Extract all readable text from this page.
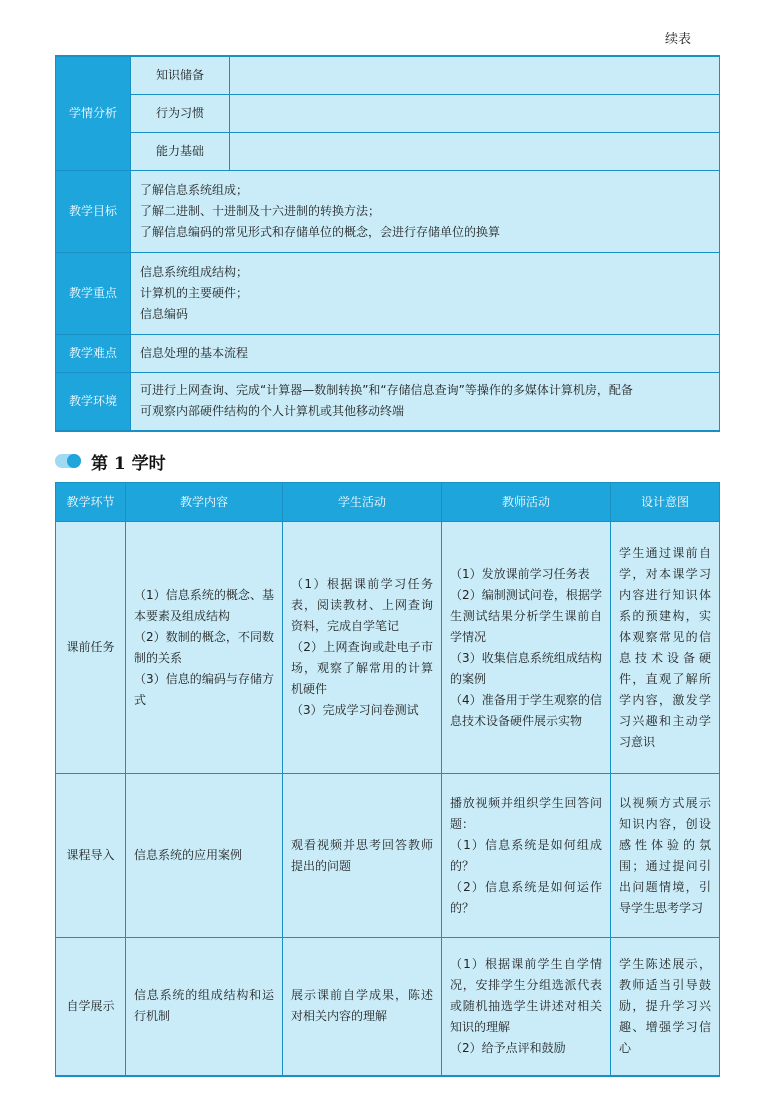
续表
学情分析	知识储备	
	行为习惯	
	能力基础	
教学目标	了解信息系统组成；
了解二进制、十进制及十六进制的转换方法；
了解信息编码的常见形式和存储单位的概念，会进行存储单位的换算	

教学重点	信息系统组成结构；
计算机的主要硬件；
信息编码	

教学难点	信息处理的基本流程	
教学环境	可进行上网查询、完成“计算器—数制转换”和“存储信息查询”等操作的多媒体计算机房，配备
可观察内部硬件结构的个人计算机或其他移动终端	
第 1 学时
教学环节	教学内容	学生活动	教师活动	设计意图
课前任务	（1）信息系统的概念、基本要素及组成结构
（2）数制的概念，不同数制的关系
（3）信息的编码与存储方式	（1）根据课前学习任务表，阅读教材、上网查询资料，完成自学笔记
（2）上网查询或赴电子市场，观察了解常用的计算机硬件
（3）完成学习问卷测试	（1）发放课前学习任务表
（2）编制测试问卷，根据学生测试结果分析学生课前自学情况
（3）收集信息系统组成结构的案例
（4）准备用于学生观察的信息技术设备硬件展示实物	学生通过课前自学，对本课学习内容进行知识体系的预建构，实体观察常见的信息技术设备硬件，直观了解所学内容，激发学习兴趣和主动学习意识
课程导入	信息系统的应用案例	观看视频并思考回答教师提出的问题	播放视频并组织学生回答问题：
（1）信息系统是如何组成的？
（2）信息系统是如何运作的？	以视频方式展示知识内容，创设感性体验的氛围；通过提问引出问题情境，引导学生思考学习
自学展示	信息系统的组成结构和运行机制	展示课前自学成果，陈述对相关内容的理解	（1）根据课前学生自学情况，安排学生分组选派代表或随机抽选学生讲述对相关知识的理解
（2）给予点评和鼓励	学生陈述展示，教师适当引导鼓励，提升学习兴趣、增强学习信心
